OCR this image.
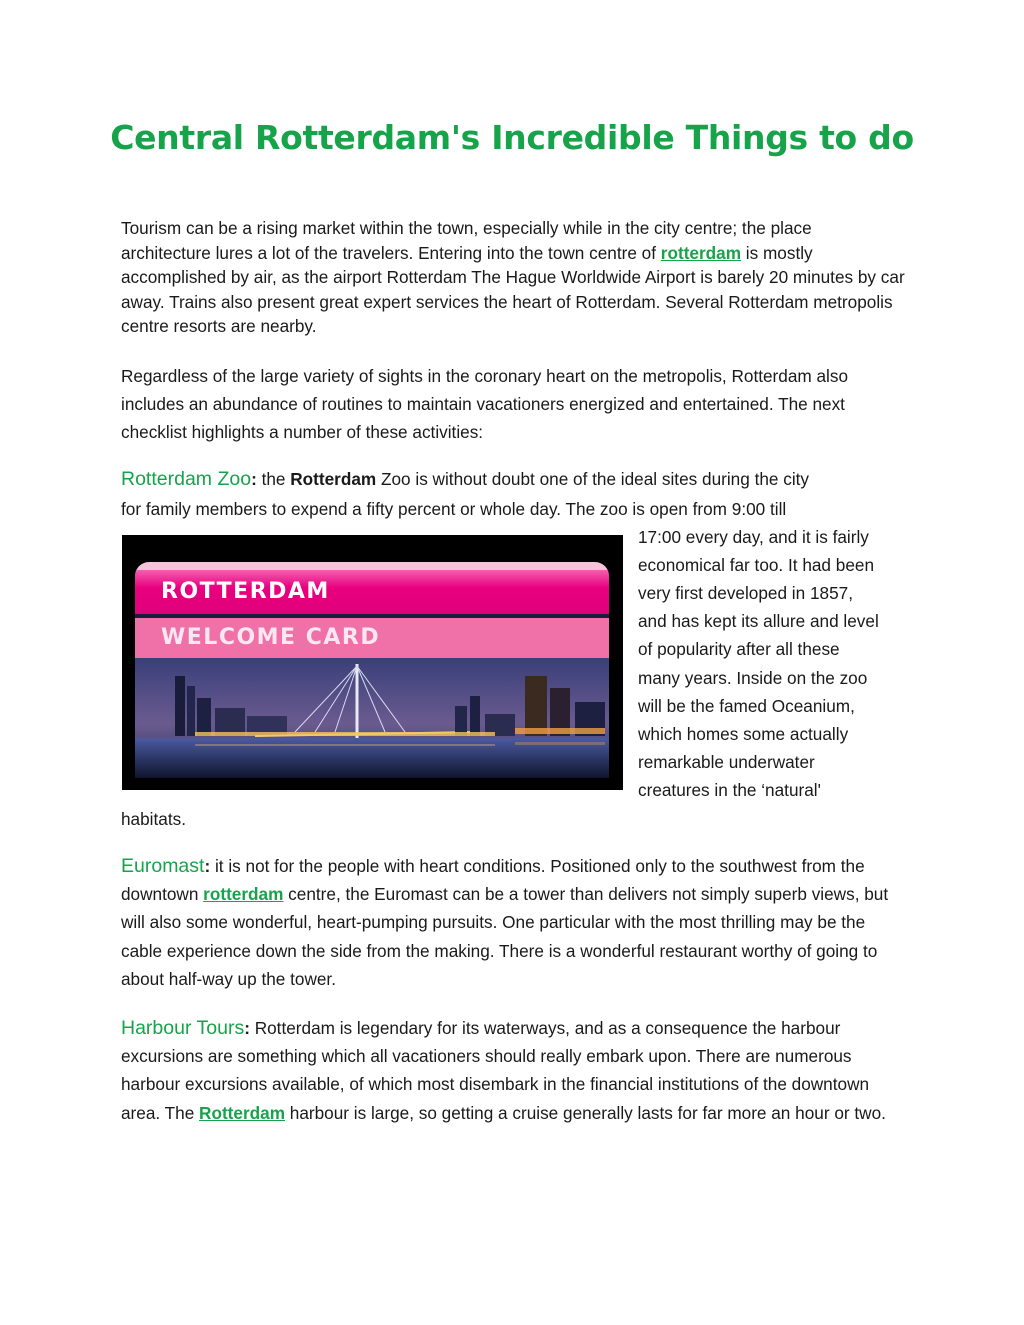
Central Rotterdam's Incredible Things to do

Tourism can be a rising market within the town, especially while in the city centre; the place architecture lures a lot of the travelers. Entering into the town centre of rotterdam is mostly accomplished by air, as the airport Rotterdam The Hague Worldwide Airport is barely 20 minutes by car away. Trains also present great expert services the heart of Rotterdam. Several Rotterdam metropolis centre resorts are nearby.

Regardless of the large variety of sights in the coronary heart on the metropolis, Rotterdam also includes an abundance of routines to maintain vacationers energized and entertained. The next checklist highlights a number of these activities:

Rotterdam Zoo: the Rotterdam Zoo is without doubt one of the ideal sites during the city
for family members to expend a fifty percent or whole day. The zoo is open from 9:00 till
17:00 every day, and it is fairly
economical far too. It had been
very first developed in 1857,
and has kept its allure and level
of popularity after all these
many years. Inside on the zoo
will be the famed Oceanium,
which homes some actually
remarkable underwater
creatures in the ‘natural'
habitats.
ROTTERDAM
WELCOME CARD

Euromast: it is not for the people with heart conditions. Positioned only to the southwest from the downtown rotterdam centre, the Euromast can be a tower than delivers not simply superb views, but will also some wonderful, heart-pumping pursuits. One particular with the most thrilling may be the cable experience down the side from the making. There is a wonderful restaurant worthy of going to about half-way up the tower.

Harbour Tours: Rotterdam is legendary for its waterways, and as a consequence the harbour excursions are something which all vacationers should really embark upon. There are numerous harbour excursions available, of which most disembark in the financial institutions of the downtown area. The Rotterdam harbour is large, so getting a cruise generally lasts for far more an hour or two.
